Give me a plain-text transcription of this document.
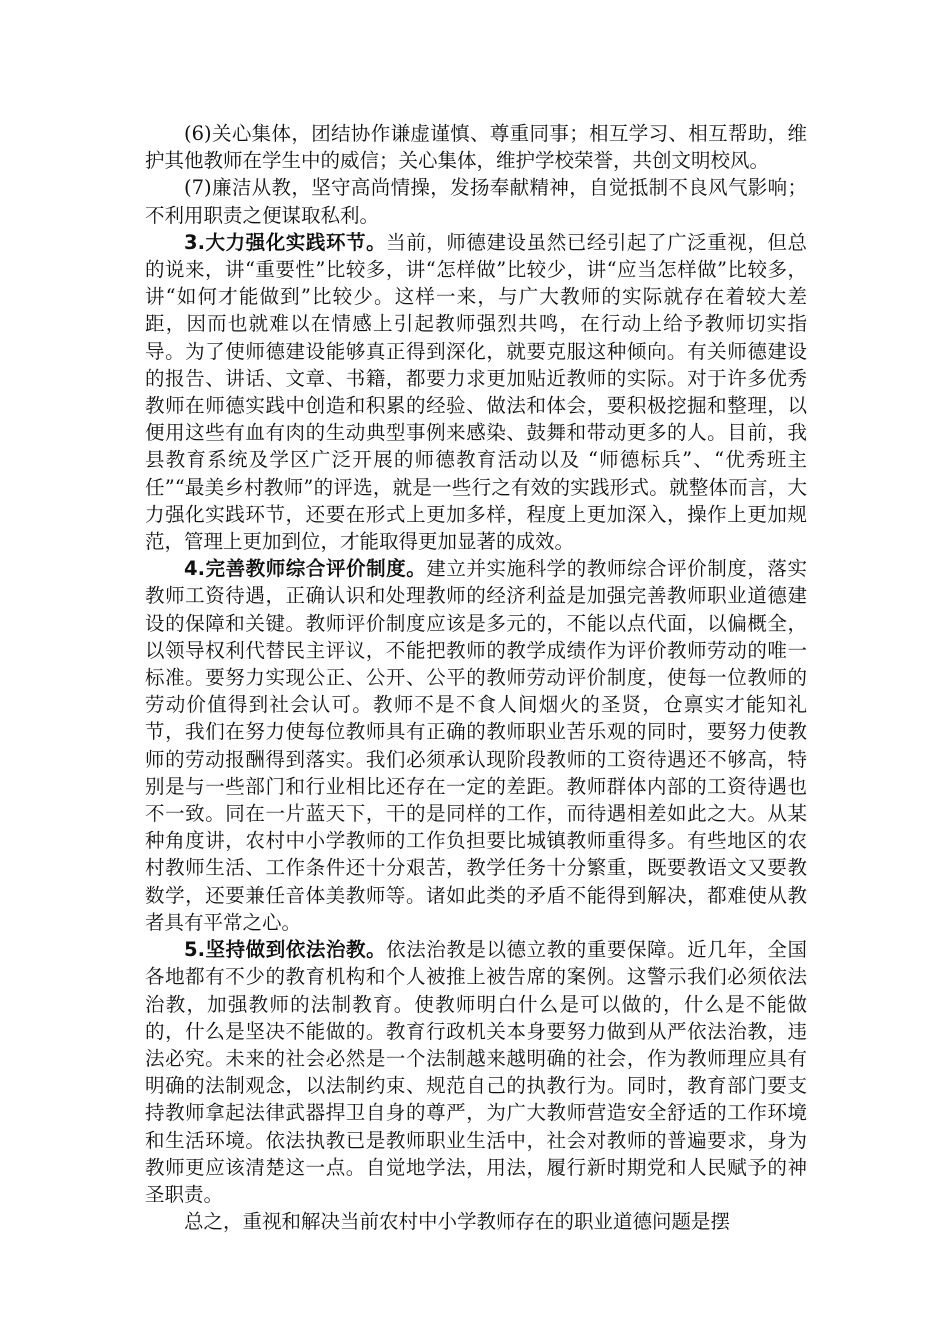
(6)关心集体，团结协作谦虚谨慎、尊重同事；相互学习、相互帮助，维护其他教师在学生中的威信；关心集体，维护学校荣誉，共创文明校风。

(7)廉洁从教，坚守高尚情操，发扬奉献精神，自觉抵制不良风气影响；不利用职责之便谋取私利。

3.大力强化实践环节。当前，师德建设虽然已经引起了广泛重视，但总的说来，讲“重要性”比较多，讲“怎样做”比较少，讲“应当怎样做”比较多， 讲“如何才能做到”比较少。这样一来，与广大教师的实际就存在着较大差距，因而也就难以在情感上引起教师强烈共鸣，在行动上给予教师切实指导。为了使师德建设能够真正得到深化，就要克服这种倾向。有关师德建设的报告、讲话、文章、书籍，都要力求更加贴近教师的实际。对于许多优秀教师在师德实践中创造和积累的经验、做法和体会，要积极挖掘和整理，以便用这些有血有肉的生动典型事例来感染、鼓舞和带动更多的人。目前，我县教育系统及学区广泛开展的师德教育活动以及 “师德标兵”、“优秀班主任”“最美乡村教师”的评选，就是一些行之有效的实践形式。就整体而言，大力强化实践环节，还要在形式上更加多样，程度上更加深入，操作上更加规范，管理上更加到位，才能取得更加显著的成效。

4.完善教师综合评价制度。建立并实施科学的教师综合评价制度，落实教师工资待遇，正确认识和处理教师的经济利益是加强完善教师职业道德建设的保障和关键。教师评价制度应该是多元的，不能以点代面，以偏概全，以领导权利代替民主评议，不能把教师的教学成绩作为评价教师劳动的唯一标准。要努力实现公正、公开、公平的教师劳动评价制度，使每一位教师的劳动价值得到社会认可。教师不是不食人间烟火的圣贤，仓禀实才能知礼节，我们在努力使每位教师具有正确的教师职业苦乐观的同时，要努力使教师的劳动报酬得到落实。我们必须承认现阶段教师的工资待遇还不够高，特别是与一些部门和行业相比还存在一定的差距。教师群体内部的工资待遇也不一致。同在一片蓝天下，干的是同样的工作，而待遇相差如此之大。从某种角度讲，农村中小学教师的工作负担要比城镇教师重得多。有些地区的农村教师生活、工作条件还十分艰苦，教学任务十分繁重，既要教语文又要教数学，还要兼任音体美教师等。诸如此类的矛盾不能得到解决，都难使从教者具有平常之心。

5.坚持做到依法治教。依法治教是以德立教的重要保障。近几年，全国各地都有不少的教育机构和个人被推上被告席的案例。这警示我们必须依法治教，加强教师的法制教育。使教师明白什么是可以做的，什么是不能做的，什么是坚决不能做的。教育行政机关本身要努力做到从严依法治教，违法必究。未来的社会必然是一个法制越来越明确的社会，作为教师理应具有明确的法制观念，以法制约束、规范自己的执教行为。同时，教育部门要支持教师拿起法律武器捍卫自身的尊严，为广大教师营造安全舒适的工作环境和生活环境。依法执教已是教师职业生活中，社会对教师的普遍要求，身为教师更应该清楚这一点。自觉地学法，用法，履行新时期党和人民赋予的神圣职责。

总之，重视和解决当前农村中小学教师存在的职业道德问题是摆
